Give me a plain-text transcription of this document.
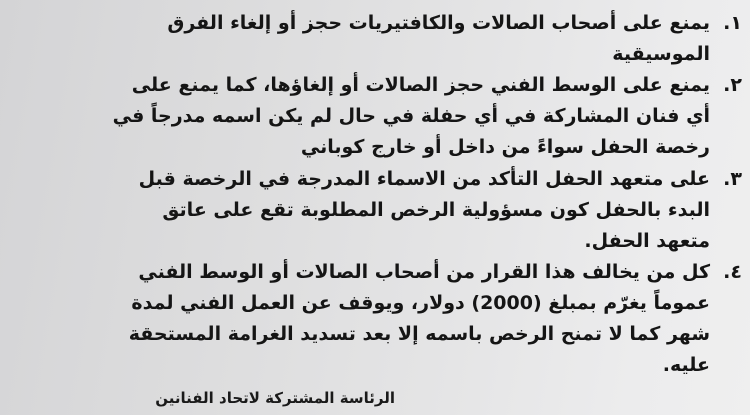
١.
يمنع على أصحاب الصالات والكافتيريات حجز أو إلغاء الفرق
الموسيقية
٢.
يمنع على الوسط الفني حجز الصالات أو إلغاؤها، كما يمنع على
أي فنان المشاركة في أي حفلة في حال لم يكن اسمه مدرجاً في
رخصة الحفل سواءً من داخل أو خارج كوباني
٣.
على متعهد الحفل التأكد من الاسماء المدرجة في الرخصة قبل
البدء بالحفل كون مسؤولية الرخص المطلوبة تقع على عاتق
متعهد الحفل.
٤.
كل من يخالف هذا القرار من أصحاب الصالات أو الوسط الفني
عموماً يغرّم بمبلغ (2000) دولار، ويوقف عن العمل الفني لمدة
شهر كما لا تمنح الرخص باسمه إلا بعد تسديد الغرامة المستحقة
عليه.
الرئاسة المشتركة لاتحاد الفنانين
